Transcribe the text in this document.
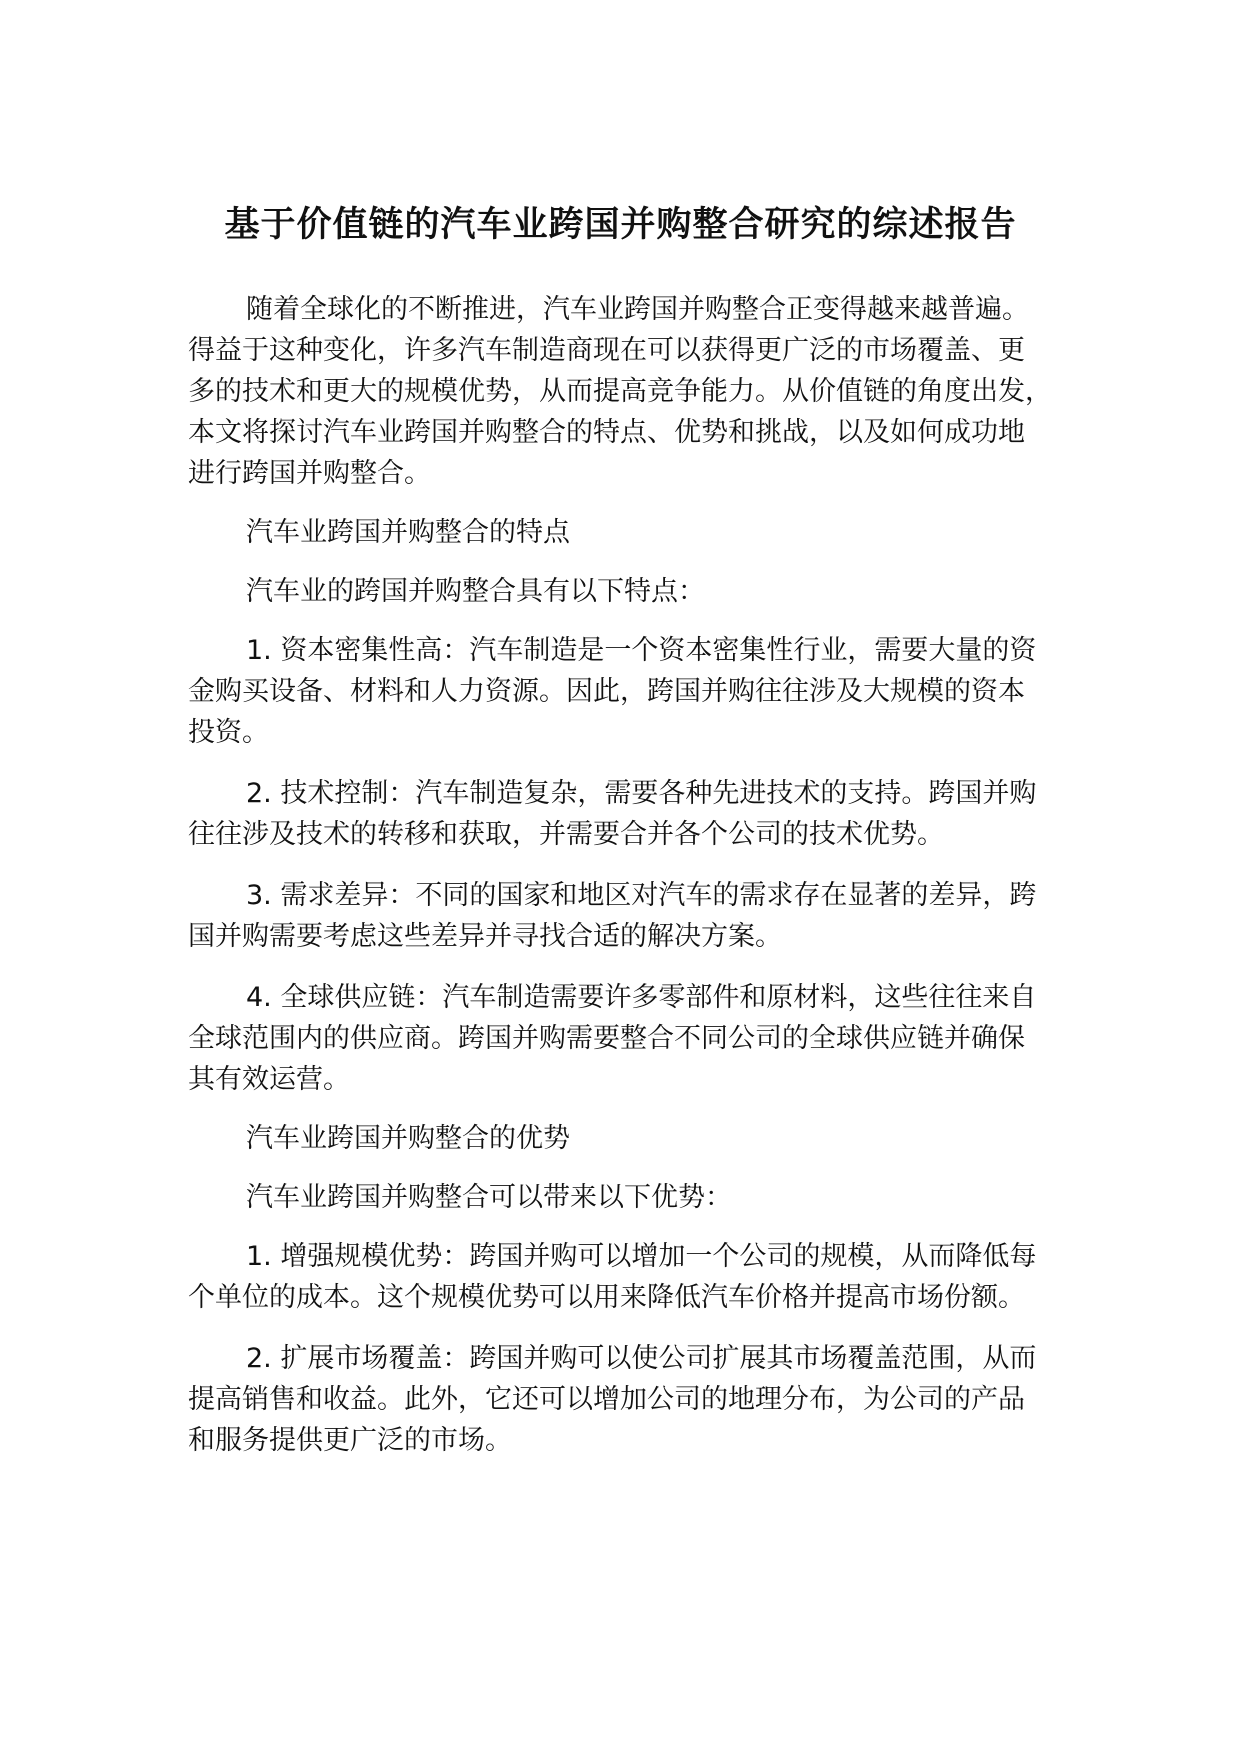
基于价值链的汽车业跨国并购整合研究的综述报告

随着全球化的不断推进，汽车业跨国并购整合正变得越来越普遍。
得益于这种变化，许多汽车制造商现在可以获得更广泛的市场覆盖、更
多的技术和更大的规模优势，从而提高竞争能力。从价值链的角度出发，
本文将探讨汽车业跨国并购整合的特点、优势和挑战，以及如何成功地
进行跨国并购整合。

汽车业跨国并购整合的特点

汽车业的跨国并购整合具有以下特点：

1. 资本密集性高：汽车制造是一个资本密集性行业，需要大量的资
金购买设备、材料和人力资源。因此，跨国并购往往涉及大规模的资本
投资。

2. 技术控制：汽车制造复杂，需要各种先进技术的支持。跨国并购
往往涉及技术的转移和获取，并需要合并各个公司的技术优势。

3. 需求差异：不同的国家和地区对汽车的需求存在显著的差异，跨
国并购需要考虑这些差异并寻找合适的解决方案。

4. 全球供应链：汽车制造需要许多零部件和原材料，这些往往来自
全球范围内的供应商。跨国并购需要整合不同公司的全球供应链并确保
其有效运营。

汽车业跨国并购整合的优势

汽车业跨国并购整合可以带来以下优势：

1. 增强规模优势：跨国并购可以增加一个公司的规模，从而降低每
个单位的成本。这个规模优势可以用来降低汽车价格并提高市场份额。

2. 扩展市场覆盖：跨国并购可以使公司扩展其市场覆盖范围，从而
提高销售和收益。此外，它还可以增加公司的地理分布，为公司的产品
和服务提供更广泛的市场。
